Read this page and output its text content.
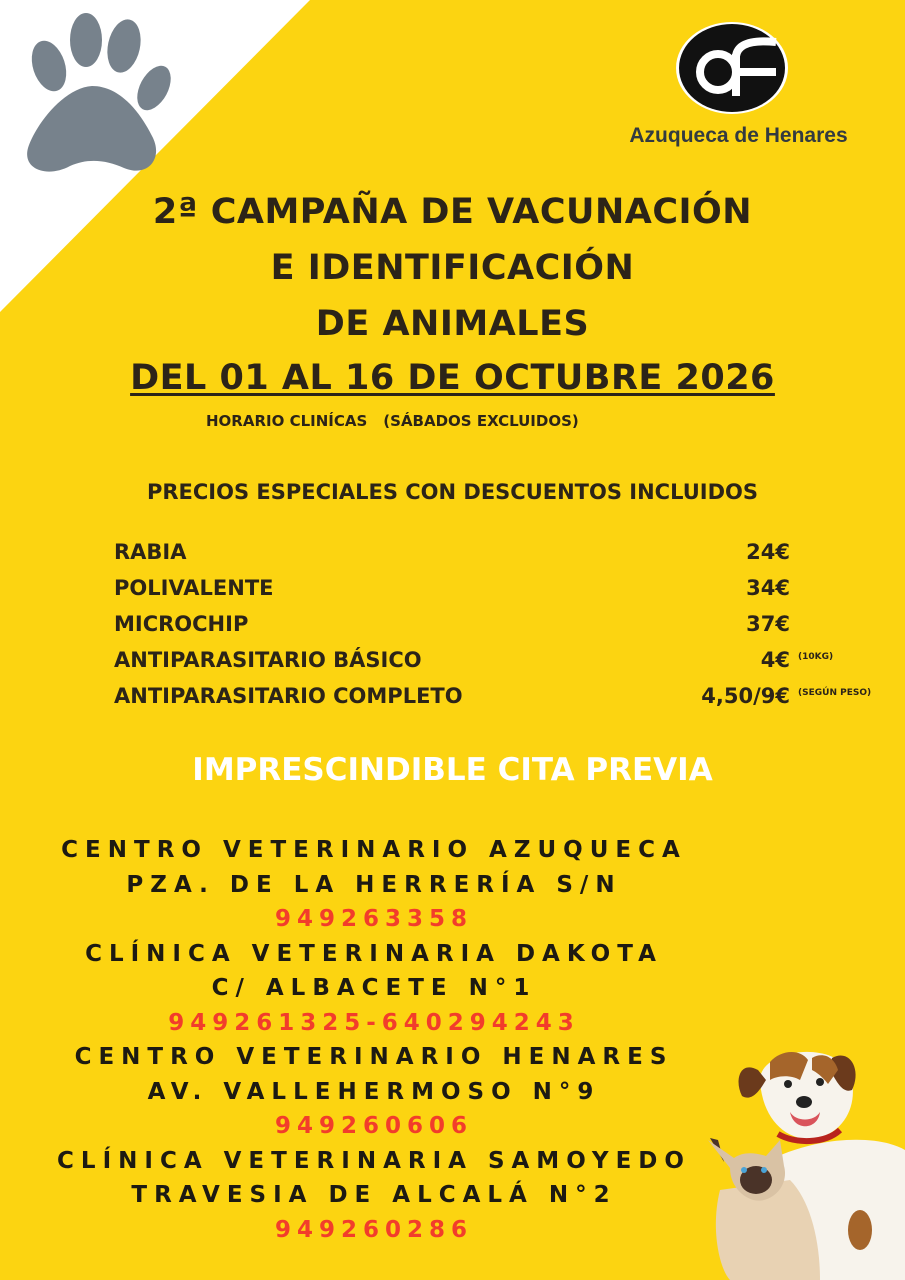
Azuqueca de Henares
2ª CAMPAÑA DE VACUNACIÓN
E IDENTIFICACIÓN
DE ANIMALES
DEL 01 AL 16 DE OCTUBRE 2026
HORARIO CLINÍCAS (SÁBADOS EXCLUIDOS)
PRECIOS ESPECIALES CON DESCUENTOS INCLUIDOS
RABIA	24€
POLIVALENTE	34€
MICROCHIP	37€
ANTIPARASITARIO BÁSICO	4€ (10KG)
ANTIPARASITARIO COMPLETO	4,50/9€ (SEGÚN PESO)
IMPRESCINDIBLE CITA PREVIA
CENTRO VETERINARIO AZUQUECA
PZA. DE LA HERRERÍA S/N
949263358
CLÍNICA VETERINARIA DAKOTA
C/ ALBACETE N°1
949261325-640294243
CENTRO VETERINARIO HENARES
AV. VALLEHERMOSO N°9
949260606
CLÍNICA VETERINARIA SAMOYEDO
TRAVESIA DE ALCALÁ N°2
949260286
